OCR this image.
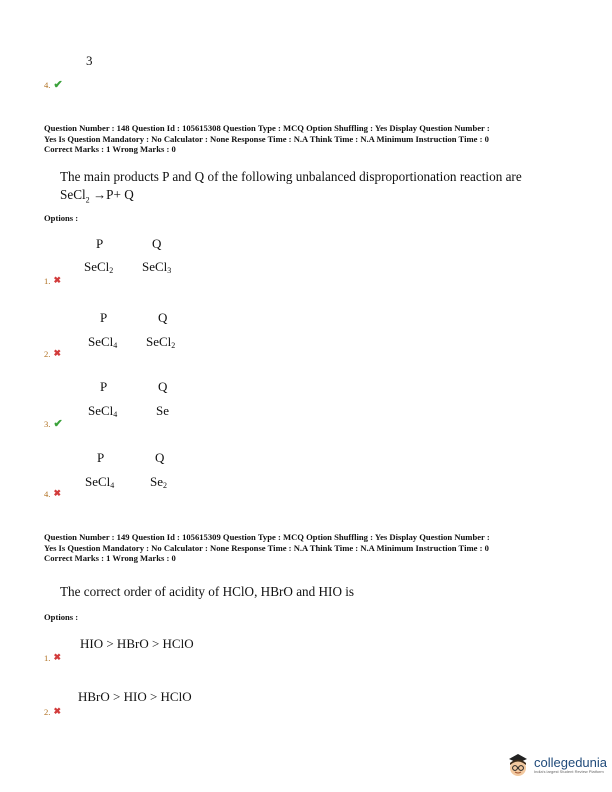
3
4. ✔
Question Number : 148 Question Id : 105615308 Question Type : MCQ Option Shuffling : Yes Display Question Number :
Yes Is Question Mandatory : No Calculator : None Response Time : N.A Think Time : N.A Minimum Instruction Time : 0
Correct Marks : 1 Wrong Marks : 0
The main products P and Q of the following unbalanced disproportionation reaction are
SeCl$_2$ →P+ Q
Options :
P	Q
SeCl$_2$ SeCl$_3$
1. ✖
P	Q
SeCl$_4$ SeCl$_2$
2. ✖
P	Q
SeCl$_4$	Se
3. ✔
P	Q
SeCl$_4$	$Se_2$
4. ✖
Question Number : 149 Question Id : 105615309 Question Type : MCQ Option Shuffling : Yes Display Question Number :
Yes Is Question Mandatory : No Calculator : None Response Time : N.A Think Time : N.A Minimum Instruction Time : 0
Correct Marks : 1 Wrong Marks : 0
The correct order of acidity of HClO, HBrO and HIO is
Options :
HIO > HBrO > HClO
1. ✖
HBrO > HIO > HClO
2. ✖
collegedunia
India's largest Student Review Platform
